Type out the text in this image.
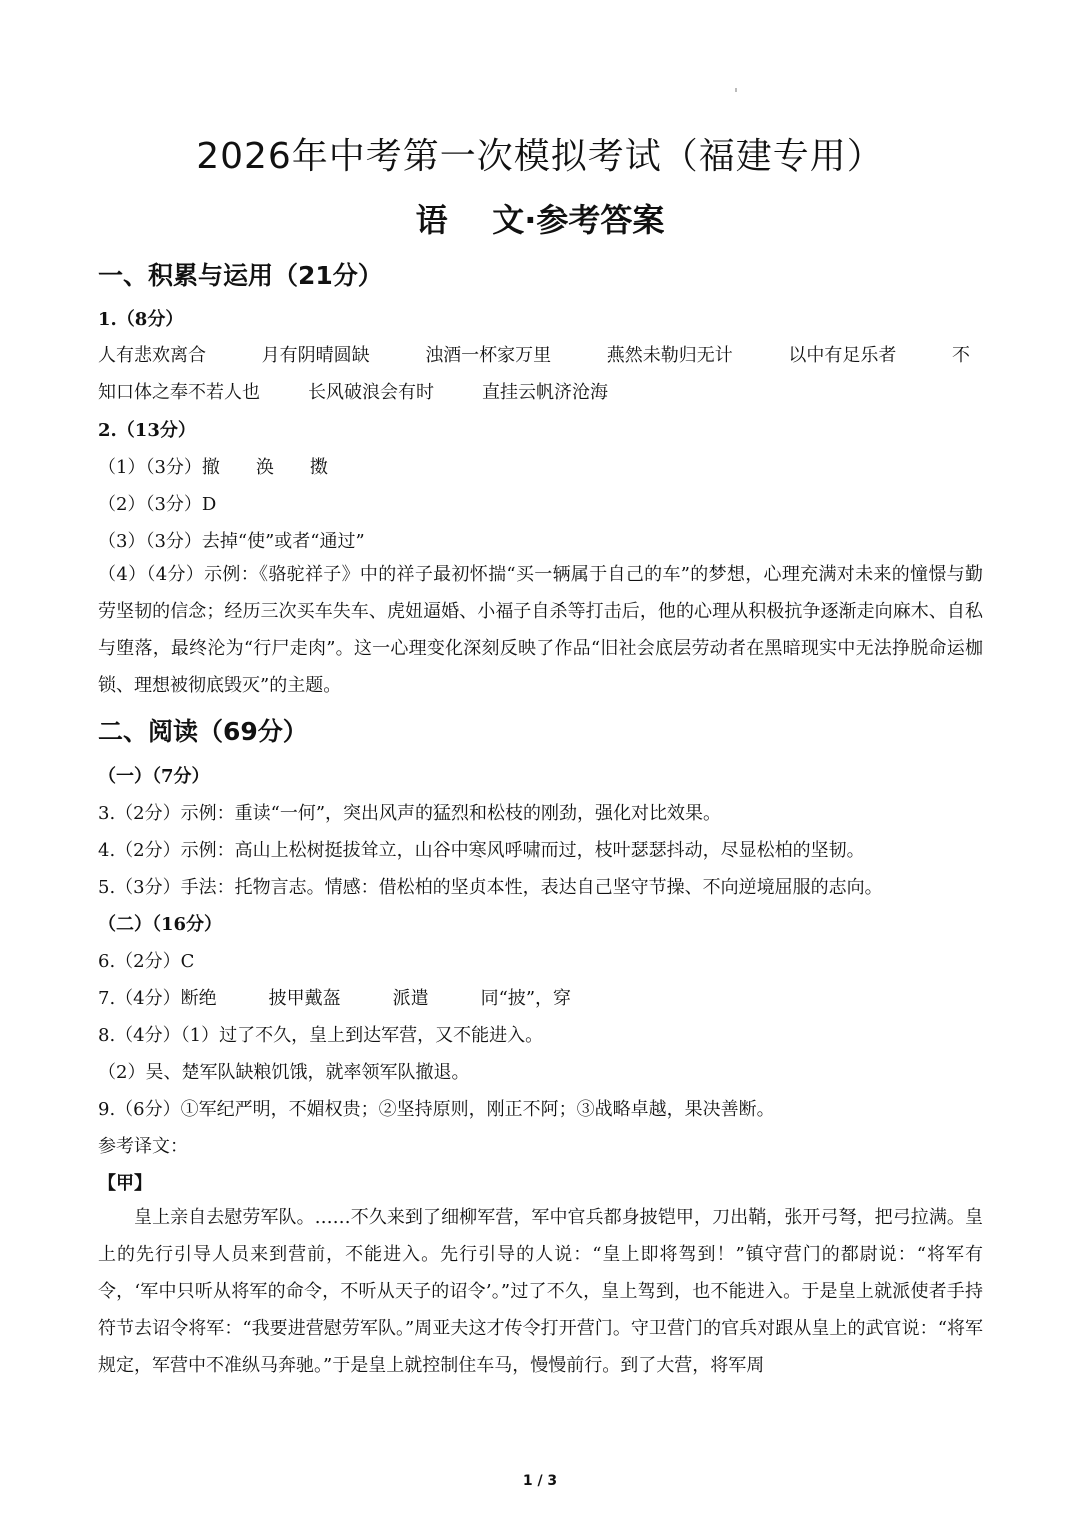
2026年中考第一次模拟考试（福建专用）
语    文·参考答案
一、积累与运用（21分）
1.（8分）
人有悲欢离合	月有阴晴圆缺	浊酒一杯家万里	燕然未勒归无计	以中有足乐者	不
知口体之奉不若人也	长风破浪会有时	直挂云帆济沧海
2.（13分）
（1）（3分）撤　　涣　　擞
（2）（3分）D
（3）（3分）去掉“使”或者“通过”
（4）（4分）示例：《骆驼祥子》中的祥子最初怀揣“买一辆属于自己的车”的梦想，心理充满对未来的憧憬与勤劳坚韧的信念；经历三次买车失车、虎妞逼婚、小福子自杀等打击后，他的心理从积极抗争逐渐走向麻木、自私与堕落，最终沦为“行尸走肉”。这一心理变化深刻反映了作品“旧社会底层劳动者在黑暗现实中无法挣脱命运枷锁、理想被彻底毁灭”的主题。
二、阅读（69分）
（一）（7分）
3.（2分）示例：重读“一何”，突出风声的猛烈和松枝的刚劲，强化对比效果。
4.（2分）示例：高山上松树挺拔耸立，山谷中寒风呼啸而过，枝叶瑟瑟抖动，尽显松柏的坚韧。
5.（3分）手法：托物言志。情感：借松柏的坚贞本性，表达自己坚守节操、不向逆境屈服的志向。
（二）（16分）
6.（2分）C
7.（4分）断绝	披甲戴盔	派遣	同“披”，穿
8.（4分）（1）过了不久，皇上到达军营，又不能进入。
（2）吴、楚军队缺粮饥饿，就率领军队撤退。
9.（6分）①军纪严明，不媚权贵；②坚持原则，刚正不阿；③战略卓越，果决善断。
参考译文：
【甲】
皇上亲自去慰劳军队。……不久来到了细柳军营，军中官兵都身披铠甲，刀出鞘，张开弓弩，把弓拉满。皇上的先行引导人员来到营前，不能进入。先行引导的人说：“皇上即将驾到！”镇守营门的都尉说：“将军有令，‘军中只听从将军的命令，不听从天子的诏令’。”过了不久，皇上驾到，也不能进入。于是皇上就派使者手持符节去诏令将军：“我要进营慰劳军队。”周亚夫这才传令打开营门。守卫营门的官兵对跟从皇上的武官说：“将军规定，军营中不准纵马奔驰。”于是皇上就控制住车马，慢慢前行。到了大营，将军周
1 / 3
